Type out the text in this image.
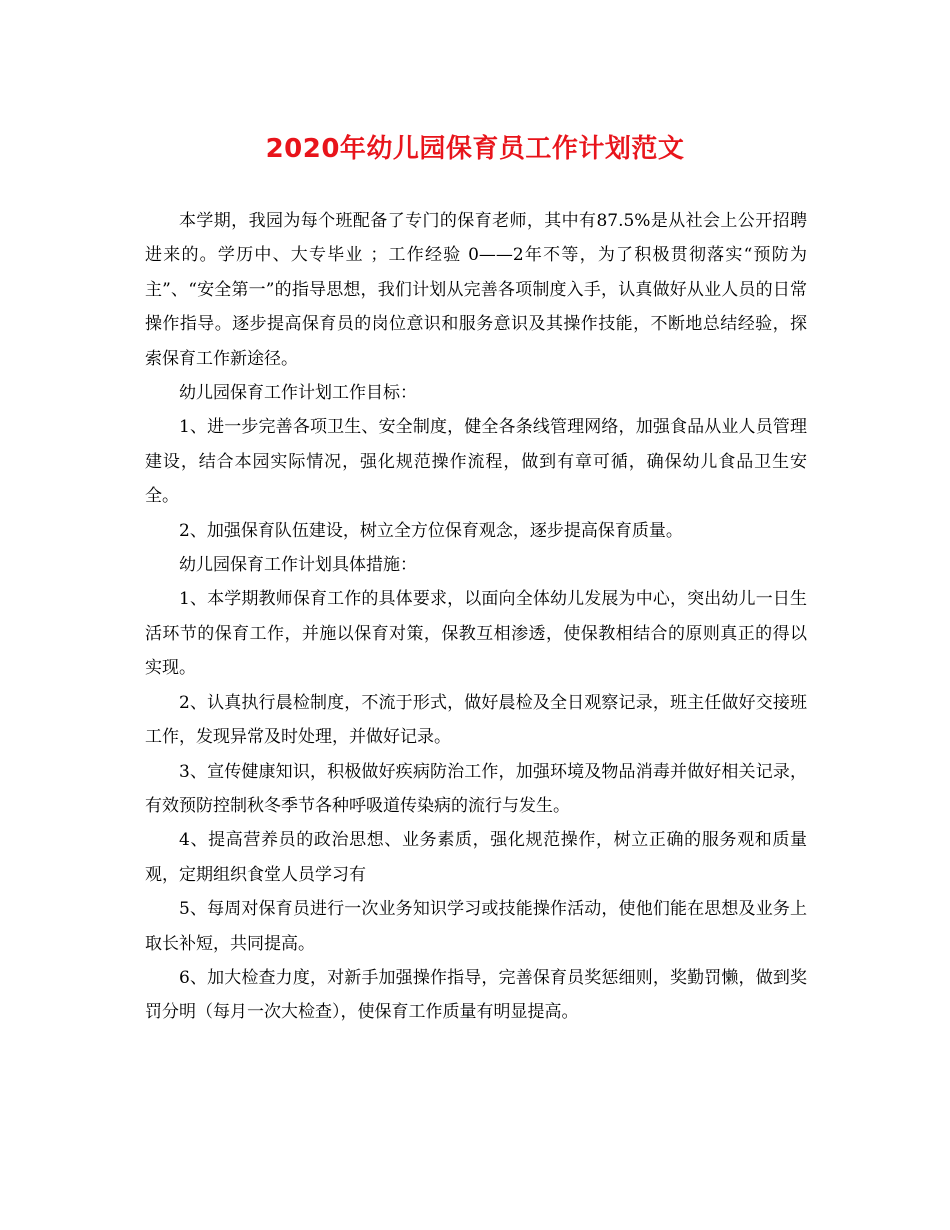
2020年幼儿园保育员工作计划范文

本学期，我园为每个班配备了专门的保育老师，其中有87.5%是从社会上公开招聘进来的。学历中、大专毕业 ；工作经验 0——2年不等，为了积极贯彻落实“预防为主”、“安全第一”的指导思想，我们计划从完善各项制度入手，认真做好从业人员的日常操作指导。逐步提高保育员的岗位意识和服务意识及其操作技能，不断地总结经验，探索保育工作新途径。

幼儿园保育工作计划工作目标：

1、进一步完善各项卫生、安全制度，健全各条线管理网络，加强食品从业人员管理建设，结合本园实际情况，强化规范操作流程，做到有章可循，确保幼儿食品卫生安全。

2、加强保育队伍建设，树立全方位保育观念，逐步提高保育质量。

幼儿园保育工作计划具体措施：

1、本学期教师保育工作的具体要求，以面向全体幼儿发展为中心，突出幼儿一日生活环节的保育工作，并施以保育对策，保教互相渗透，使保教相结合的原则真正的得以实现。

2、认真执行晨检制度，不流于形式，做好晨检及全日观察记录，班主任做好交接班工作，发现异常及时处理，并做好记录。

3、宣传健康知识，积极做好疾病防治工作，加强环境及物品消毒并做好相关记录，有效预防控制秋冬季节各种呼吸道传染病的流行与发生。

4、提高营养员的政治思想、业务素质，强化规范操作，树立正确的服务观和质量观，定期组织食堂人员学习有

5、每周对保育员进行一次业务知识学习或技能操作活动，使他们能在思想及业务上取长补短，共同提高。

6、加大检查力度，对新手加强操作指导，完善保育员奖惩细则，奖勤罚懒，做到奖罚分明（每月一次大检查），使保育工作质量有明显提高。
